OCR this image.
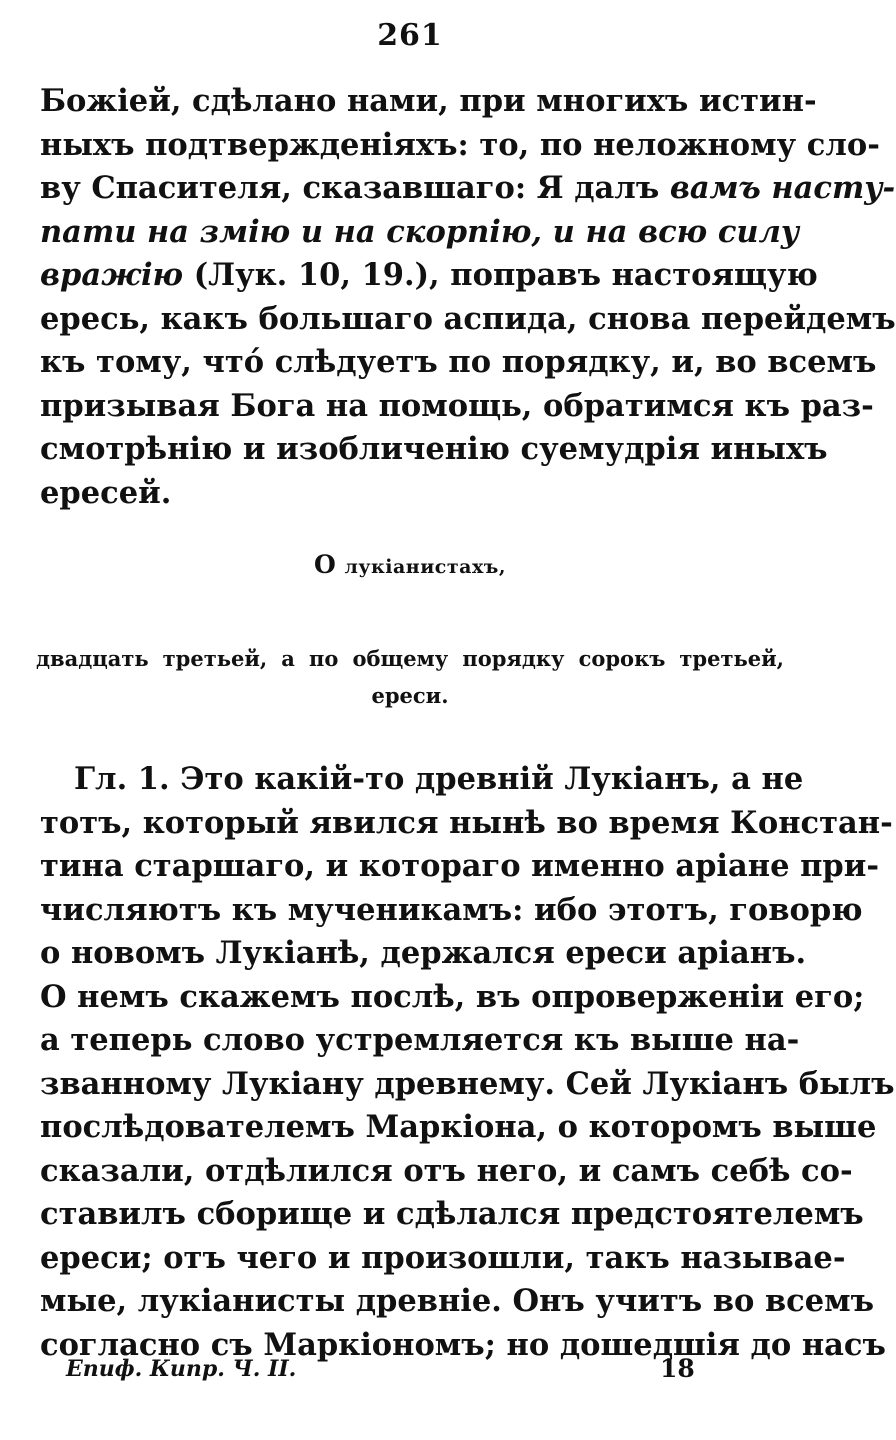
261
Божіей, сдѣлано нами, при многихъ истин-
ныхъ подтвержденіяхъ: то, по неложному сло-
ву Спасителя, сказавшаго: Я далъ вамъ насту-
пати на змію и на скорпію, и на всю силу
вражію (Лук. 10, 19.), поправъ настоящую
ересь, какъ большаго аспида, снова перейдемъ
къ тому, чтó слѣдуетъ по порядку, и, во всемъ
призывая Бога на помощь, обратимся къ раз-
смотрѣнію и изобличенію суемудрія иныхъ
ересей.
О лукіанистахъ,
двадцать третьей, а по общему порядку сорокъ третьей,
ереси.
Гл. 1. Это какій-то древній Лукіанъ, а не
тотъ, который явился нынѣ во время Констан-
тина старшаго, и котораго именно аріане при-
числяютъ къ мученикамъ: ибо этотъ, говорю
о новомъ Лукіанѣ, держался ереси аріанъ.
О немъ скажемъ послѣ, въ опроверженіи его;
а теперь слово устремляется къ выше на-
званному Лукіану древнему. Сей Лукіанъ былъ
послѣдователемъ Маркіона, о которомъ выше
сказали, отдѣлился отъ него, и самъ себѣ со-
ставилъ сборище и сдѣлался предстоятелемъ
ереси; отъ чего и произошли, такъ называе-
мые, лукіанисты древніе. Онъ учитъ во всемъ
согласно съ Маркіономъ; но дошедшія до насъ
Епиф. Кипр. Ч. II.	18
